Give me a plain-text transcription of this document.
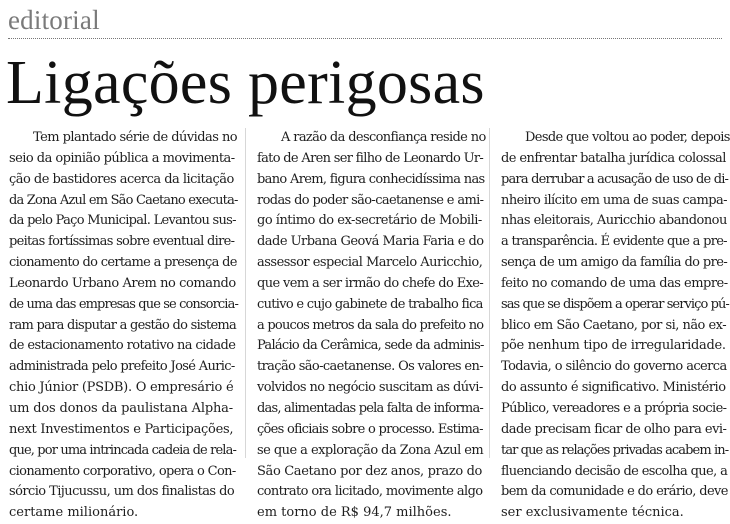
editorial
Ligações perigosas
Tem plantado série de dúvidas no
seio da opinião pública a movimenta-
ção de bastidores acerca da licitação
da Zona Azul em São Caetano executa-
da pelo Paço Municipal. Levantou sus-
peitas fortíssimas sobre eventual dire-
cionamento do certame a presença de
Leonardo Urbano Arem no comando
de uma das empresas que se consorcia-
ram para disputar a gestão do sistema
de estacionamento rotativo na cidade
administrada pelo prefeito José Auric-
chio Júnior (PSDB). O empresário é
um dos donos da paulistana Alpha-
next Investimentos e Participações,
que, por uma intrincada cadeia de rela-
cionamento corporativo, opera o Con-
sórcio Tijucussu, um dos finalistas do
certame milionário.
A razão da desconfiança reside no
fato de Aren ser filho de Leonardo Ur-
bano Arem, figura conhecidíssima nas
rodas do poder são-caetanense e ami-
go íntimo do ex-secretário de Mobili-
dade Urbana Geová Maria Faria e do
assessor especial Marcelo Auricchio,
que vem a ser irmão do chefe do Exe-
cutivo e cujo gabinete de trabalho fica
a poucos metros da sala do prefeito no
Palácio da Cerâmica, sede da adminis-
tração são-caetanense. Os valores en-
volvidos no negócio suscitam as dúvi-
das, alimentadas pela falta de informa-
ções oficiais sobre o processo. Estima-
se que a exploração da Zona Azul em
São Caetano por dez anos, prazo do
contrato ora licitado, movimente algo
em torno de R$ 94,7 milhões.
Desde que voltou ao poder, depois
de enfrentar batalha jurídica colossal
para derrubar a acusação de uso de di-
nheiro ilícito em uma de suas campa-
nhas eleitorais, Auricchio abandonou
a transparência. É evidente que a pre-
sença de um amigo da família do pre-
feito no comando de uma das empre-
sas que se dispõem a operar serviço pú-
blico em São Caetano, por si, não ex-
põe nenhum tipo de irregularidade.
Todavia, o silêncio do governo acerca
do assunto é significativo. Ministério
Público, vereadores e a própria socie-
dade precisam ficar de olho para evi-
tar que as relações privadas acabem in-
fluenciando decisão de escolha que, a
bem da comunidade e do erário, deve
ser exclusivamente técnica.
